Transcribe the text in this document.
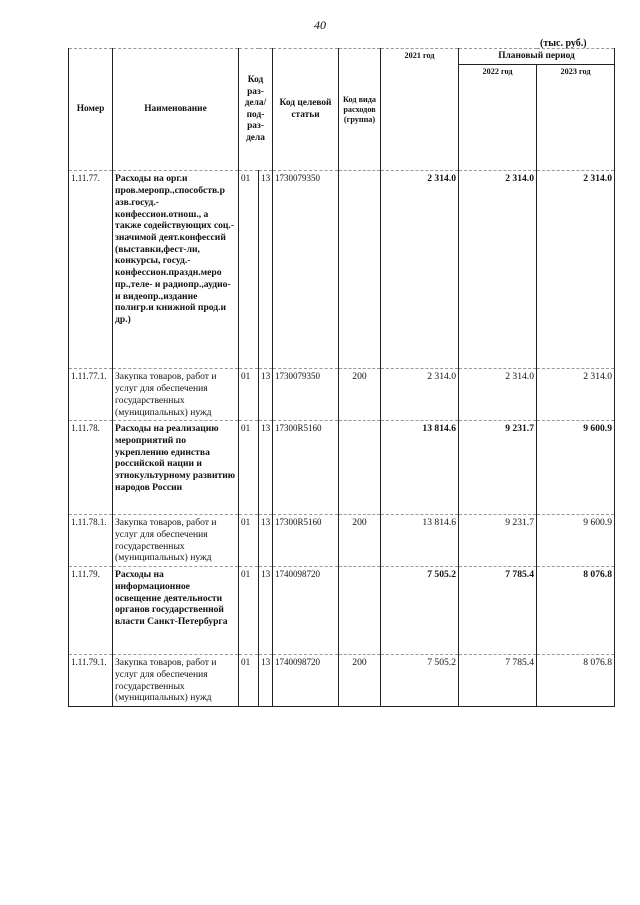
40
(тыс. руб.)
Номер	Наименование	Код раз-дела/ под-раз-дела		Код целевой статьи	Код вида расходов (группа)	2021 год	Плановый период	
							2022 год	2023 год
1.11.77.	Расходы на орг.и пров.меропр.,способств.р азв.госуд.-конфессион.отнош., а также содействующих соц.-значимой деят.конфессий (выставки,фест-ли, конкурсы, госуд.-конфессион.праздн.меро пр.,теле- и радиопр.,аудио- и видеопр.,издание полигр.и книжной прод.и др.)	01	13	1730079350		2 314.0	2 314.0	2 314.0
1.11.77.1.	Закупка товаров, работ и услуг для обеспечения государственных (муниципальных) нужд	01	13	1730079350	200	2 314.0	2 314.0	2 314.0
1.11.78.	Расходы на реализацию мероприятий по укреплению единства российской нации и этнокультурному развитию народов России	01	13	17300R5160		13 814.6	9 231.7	9 600.9
1.11.78.1.	Закупка товаров, работ и услуг для обеспечения государственных (муниципальных) нужд	01	13	17300R5160	200	13 814.6	9 231.7	9 600.9
1.11.79.	Расходы на информационное освещение деятельности органов государственной власти Санкт-Петербурга	01	13	1740098720		7 505.2	7 785.4	8 076.8
1.11.79.1.	Закупка товаров, работ и услуг для обеспечения государственных (муниципальных) нужд	01	13	1740098720	200	7 505.2	7 785.4	8 076.8
